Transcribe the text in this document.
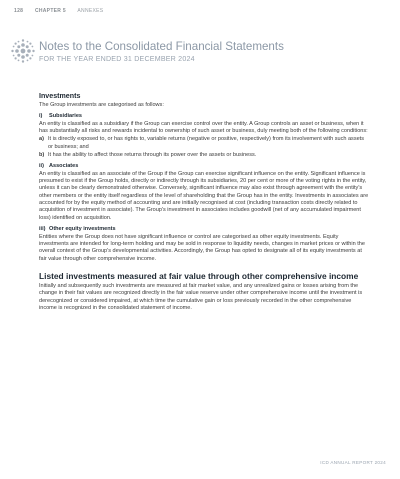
128 CHAPTER 5 ANNEXES
Notes to the Consolidated Financial Statements
FOR THE YEAR ENDED 31 DECEMBER 2024
Investments

The Group investments are categorised as follows:

i) Subsidiaries

An entity is classified as a subsidiary if the Group can exercise control over the entity. A Group controls an asset or business, when it has substantially all risks and rewards incidental to ownership of such asset or business, duly meeting both of the following conditions:

a) It is directly exposed to, or has rights to, variable returns (negative or positive, respectively) from its involvement with such assets or business; and
b) It has the ability to affect those returns through its power over the assets or business.
ii) Associates

An entity is classified as an associate of the Group if the Group can exercise significant influence on the entity. Significant influence is presumed to exist if the Group holds, directly or indirectly through its subsidiaries, 20 per cent or more of the voting rights in the entity, unless it can be clearly demonstrated otherwise. Conversely, significant influence may also exist through agreement with the entity's other members or the entity itself regardless of the level of shareholding that the Group has in the entity. Investments in associates are accounted for by the equity method of accounting and are initially recognised at cost (including transaction costs directly related to acquisition of investment in associate). The Group's investment in associates includes goodwill (net of any accumulated impairment loss) identified on acquisition.

iii) Other equity investments

Entities where the Group does not have significant influence or control are categorised as other equity investments. Equity investments are intended for long-term holding and may be sold in response to liquidity needs, changes in market prices or within the overall context of the Group's developmental activities. Accordingly, the Group has opted to designate all of its equity investments at fair value through other comprehensive income.

Listed investments measured at fair value through other comprehensive income

Initially and subsequently such investments are measured at fair market value, and any unrealized gains or losses arising from the change in their fair values are recognized directly in the fair value reserve under other comprehensive income until the investment is derecognized or considered impaired, at which time the cumulative gain or loss previously recorded in the other comprehensive income is recognized in the consolidated statement of income.

ICD ANNUAL REPORT 2024
